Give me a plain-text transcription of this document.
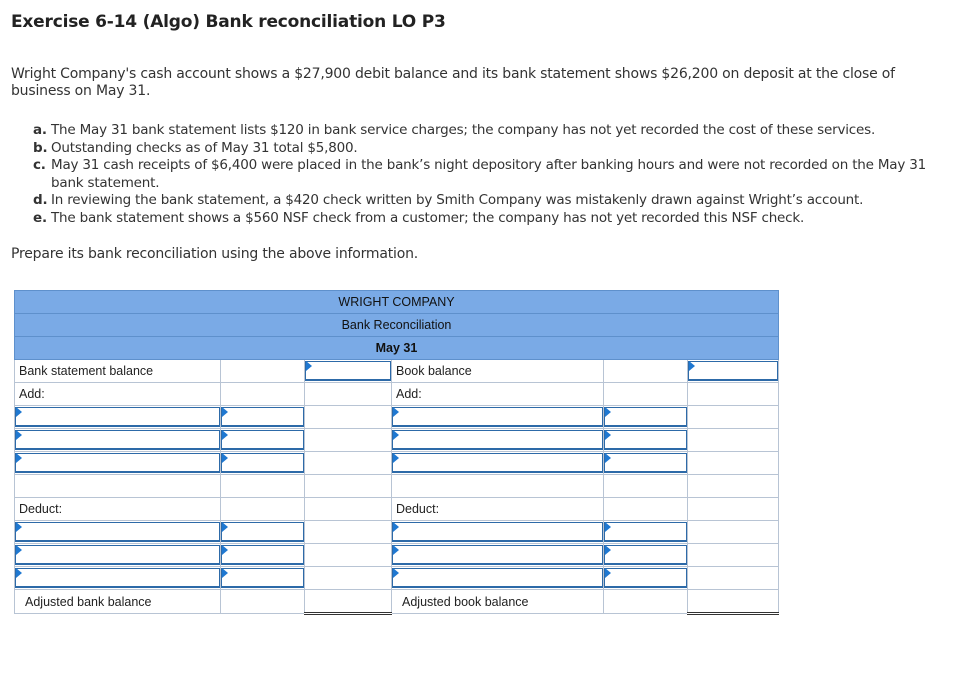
Exercise 6-14 (Algo) Bank reconciliation LO P3
Wright Company's cash account shows a $27,900 debit balance and its bank statement shows $26,200 on deposit at the close of business on May 31.
a. The May 31 bank statement lists $120 in bank service charges; the company has not yet recorded the cost of these services.
b. Outstanding checks as of May 31 total $5,800.
c. May 31 cash receipts of $6,400 were placed in the bank’s night depository after banking hours and were not recorded on the May 31 bank statement.
d. In reviewing the bank statement, a $420 check written by Smith Company was mistakenly drawn against Wright’s account.
e. The bank statement shows a $560 NSF check from a customer; the company has not yet recorded this NSF check.
Prepare its bank reconciliation using the above information.
WRIGHT COMPANY					
Bank Reconciliation					
May 31					
Bank statement balance			Book balance		

Add:			Add:		

Deduct:			Deduct:		

Adjusted bank balance			Adjusted book balance		
